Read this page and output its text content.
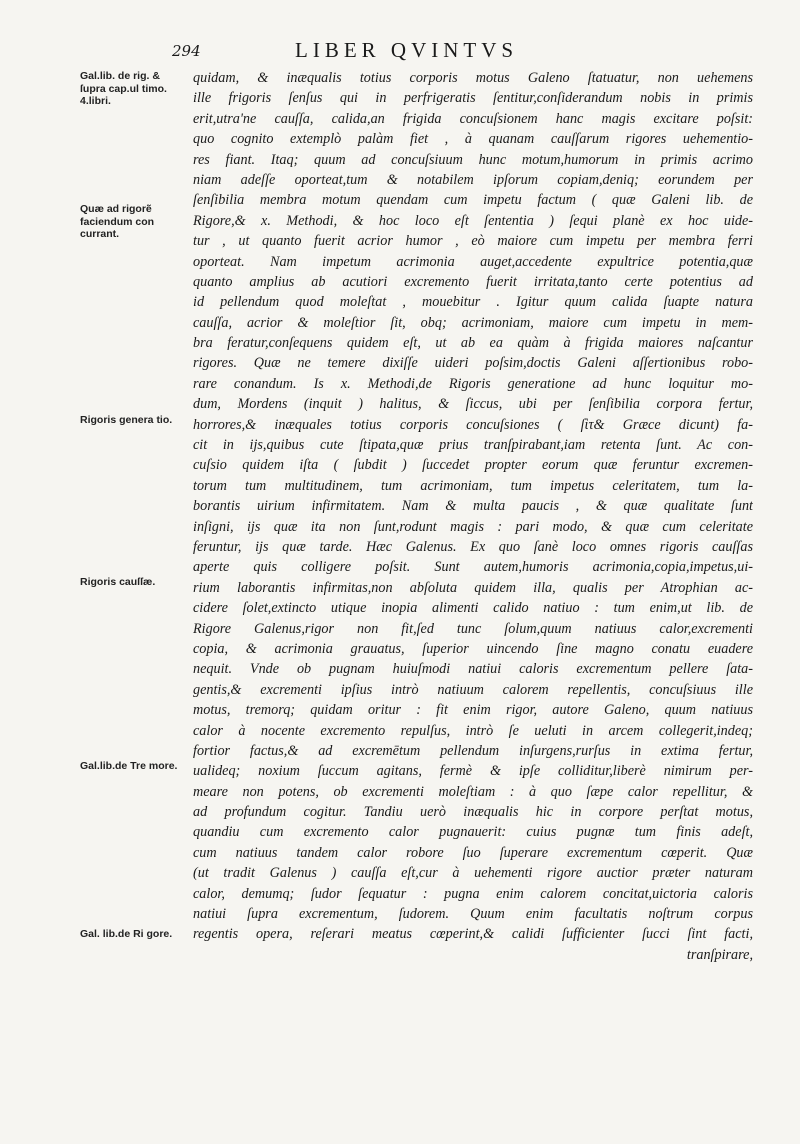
294	LIBER QVINTVS
Gal.lib. de rig. & ſupra cap.ul timo. 4.libri.
Quæ ad rigorẽ faciendum con currant.
Rigoris genera tio.
Rigoris cauſſæ.
Gal.lib.de Tre more.
Gal. lib.de Ri gore.
quidam, & inæqualis totius corporis motus Galeno ſtatuatur, non uehemens
ille frigoris ſenſus qui in perfrigeratis ſentitur,conſiderandum nobis in primis
erit,utra'ne cauſſa, calida,an frigida concuſsionem hanc magis excitare poſsit:
quo cognito extemplò palàm fiet , à quanam cauſſarum rigores uehementio-
res fiant. Itaq; quum ad concuſsiuum hunc motum,humorum in primis acrimo
niam adeſſe oporteat,tum & notabilem ipſorum copiam,deniq; eorundem per
ſenſibilia membra motum quendam cum impetu factum ( quæ Galeni lib. de
Rigore,& x. Methodi, & hoc loco eſt ſententia ) ſequi planè ex hoc uide-
tur , ut quanto fuerit acrior humor , eò maiore cum impetu per membra ferri
oporteat. Nam impetum acrimonia auget,accedente expultrice potentia,quæ
quanto amplius ab acutiori excremento fuerit irritata,tanto certe potentius ad
id pellendum quod moleſtat , mouebitur . Igitur quum calida ſuapte natura
cauſſa, acrior & moleſtior ſit, obq; acrimoniam, maiore cum impetu in mem-
bra feratur,conſequens quidem eſt, ut ab ea quàm à frigida maiores naſcantur
rigores. Quæ ne temere dixiſſe uideri poſsim,doctis Galeni aſſertionibus robo-
rare conandum. Is x. Methodi,de Rigoris generatione ad hunc loquitur mo-
dum, Mordens (inquit ) halitus, & ſiccus, ubi per ſenſibilia corpora fertur,
horrores,& inæquales totius corporis concuſsiones ( ſὶτ& Græce dicunt) fa-
cit in ijs,quibus cute ſtipata,quæ prius tranſpirabant,iam retenta ſunt. Ac con-
cuſsio quidem iſta ( ſubdit ) ſuccedet propter eorum quæ feruntur excremen-
torum tum multitudinem, tum acrimoniam, tum impetus celeritatem, tum la-
borantis uirium infirmitatem. Nam & multa paucis , & quæ qualitate ſunt
inſigni, ijs quæ ita non ſunt,rodunt magis : pari modo, & quæ cum celeritate
feruntur, ijs quæ tarde. Hæc Galenus. Ex quo ſanè loco omnes rigoris cauſſas
aperte quis colligere poſsit. Sunt autem,humoris acrimonia,copia,impetus,ui-
rium laborantis infirmitas,non abſoluta quidem illa, qualis per Atrophian ac-
cidere ſolet,extincto utique inopia alimenti calido natiuo : tum enim,ut lib. de
Rigore Galenus,rigor non fit,ſed tunc ſolum,quum natiuus calor,excrementi
copia, & acrimonia grauatus, ſuperior uincendo ſine magno conatu euadere
nequit. Vnde ob pugnam huiuſmodi natiui caloris excrementum pellere ſata-
gentis,& excrementi ipſius intrò natiuum calorem repellentis, concuſsiuus ille
motus, tremorq; quidam oritur : fit enim rigor, autore Galeno, quum natiuus
calor à nocente excremento repulſus, intrò ſe ueluti in arcem collegerit,indeq;
fortior factus,& ad excremētum pellendum inſurgens,rurſus in extima fertur,
ualideq; noxium ſuccum agitans, fermè & ipſe colliditur,liberè nimirum per-
meare non potens, ob excrementi moleſtiam : à quo ſæpe calor repellitur, &
ad profundum cogitur. Tandiu uerò inæqualis hic in corpore perſtat motus,
quandiu cum excremento calor pugnauerit: cuius pugnæ tum finis adeſt,
cum natiuus tandem calor robore ſuo ſuperare excrementum cœperit. Quæ
(ut tradit Galenus ) cauſſa eſt,cur à uehementi rigore auctior præter naturam
calor, demumq; ſudor ſequatur : pugna enim calorem concitat,uictoria caloris
natiui ſupra excrementum, ſudorem. Quum enim facultatis noſtrum corpus
regentis opera, reſerari meatus cœperint,& calidi ſufficienter ſucci ſint facti,
tranſpirare,
